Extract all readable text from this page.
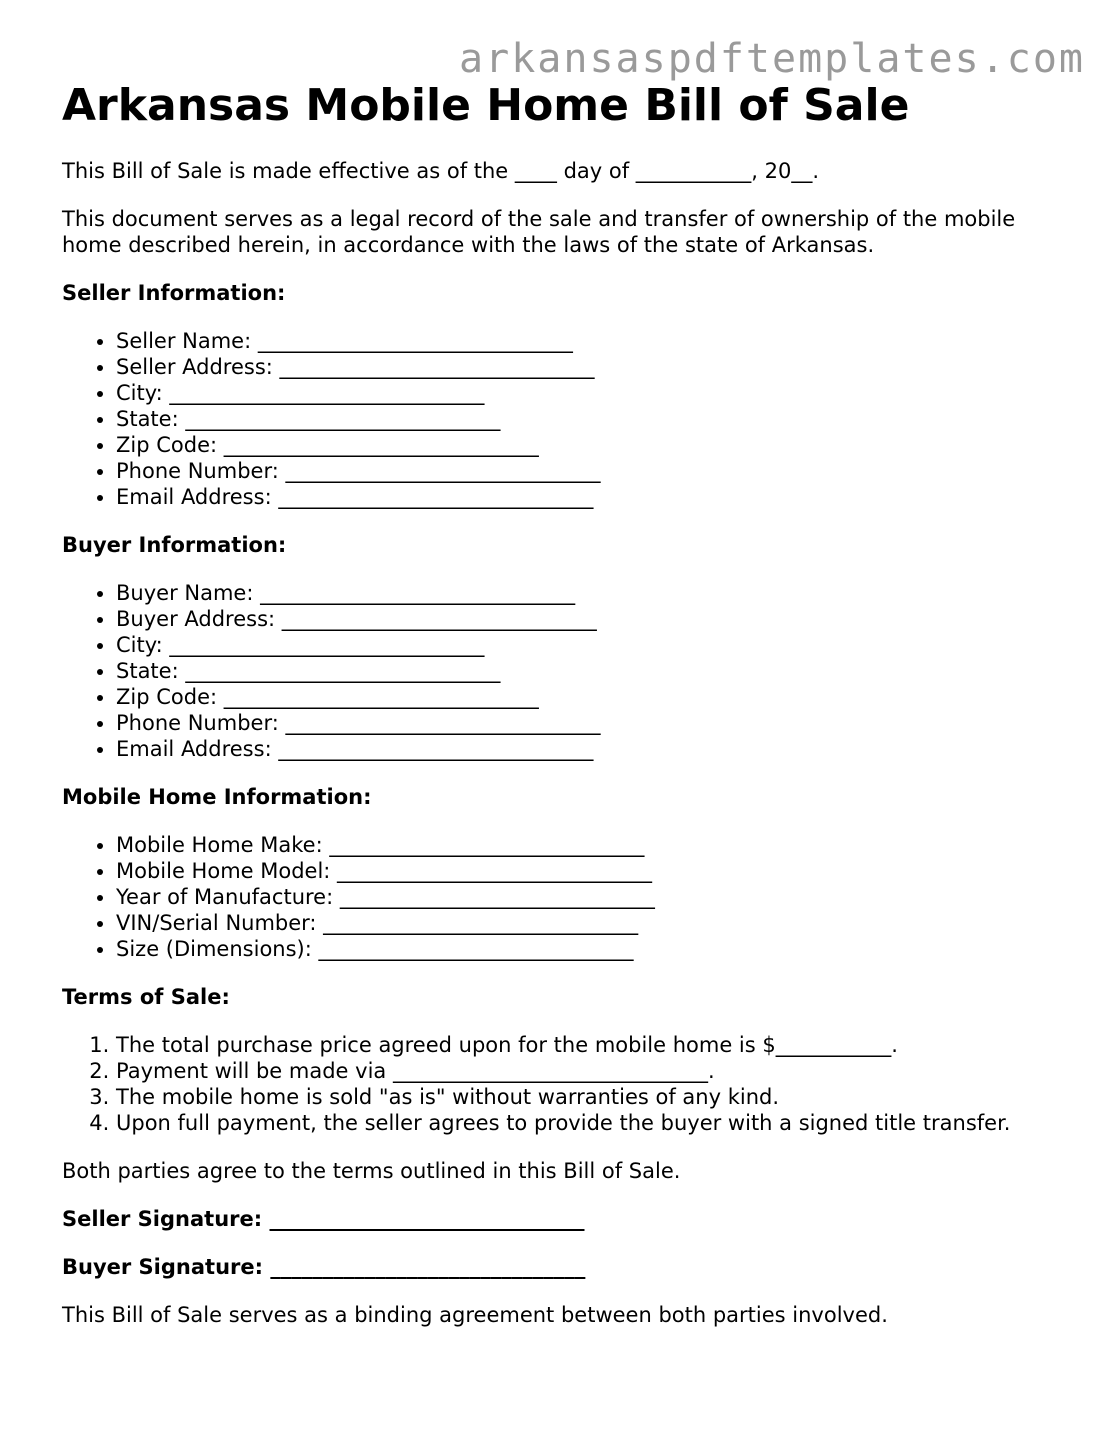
arkansaspdftemplates.com
Arkansas Mobile Home Bill of Sale

This Bill of Sale is made effective as of the ____ day of ___________, 20__.

This document serves as a legal record of the sale and transfer of ownership of the mobile home described herein, in accordance with the laws of the state of Arkansas.

Seller Information:
• Seller Name: ______________________________
• Seller Address: ______________________________
• City: ______________________________
• State: ______________________________
• Zip Code: ______________________________
• Phone Number: ______________________________
• Email Address: ______________________________
Buyer Information:
• Buyer Name: ______________________________
• Buyer Address: ______________________________
• City: ______________________________
• State: ______________________________
• Zip Code: ______________________________
• Phone Number: ______________________________
• Email Address: ______________________________
Mobile Home Information:
• Mobile Home Make: ______________________________
• Mobile Home Model: ______________________________
• Year of Manufacture: ______________________________
• VIN/Serial Number: ______________________________
• Size (Dimensions): ______________________________
Terms of Sale:
1. The total purchase price agreed upon for the mobile home is $___________.
2. Payment will be made via ______________________________.
3. The mobile home is sold "as is" without warranties of any kind.
4. Upon full payment, the seller agrees to provide the buyer with a signed title transfer.

Both parties agree to the terms outlined in this Bill of Sale.

Seller Signature: ______________________________
Buyer Signature: ______________________________

This Bill of Sale serves as a binding agreement between both parties involved.
